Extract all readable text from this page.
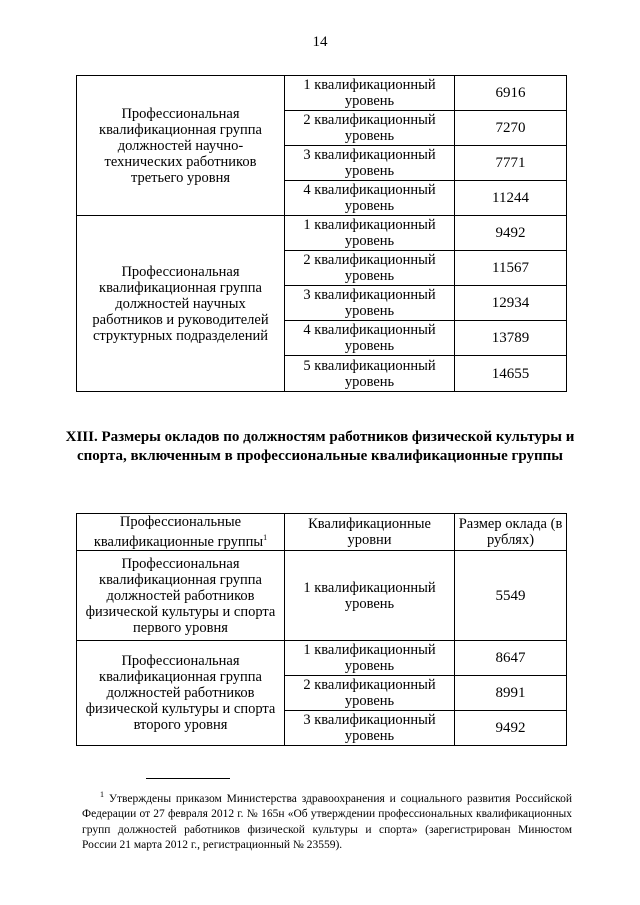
14
Профессиональная квалификационная группа должностей научно-технических работников третьего уровня	1 квалификационный уровень	6916
	2 квалификационный уровень	7270
	3 квалификационный уровень	7771
	4 квалификационный уровень	11244
Профессиональная квалификационная группа должностей научных работников и руководителей структурных подразделений	1 квалификационный уровень	9492
	2 квалификационный уровень	11567
	3 квалификационный уровень	12934
	4 квалификационный уровень	13789
	5 квалификационный уровень	14655
XIII. Размеры окладов по должностям работников физической культуры и спорта, включенным в профессиональные квалификационные группы
Профессиональные квалификационные группы$^1$	Квалификационные уровни	Размер оклада (в рублях)
Профессиональная квалификационная группа должностей работников физической культуры и спорта первого уровня	1 квалификационный уровень	5549
Профессиональная квалификационная группа должностей работников физической культуры и спорта второго уровня	1 квалификационный уровень	8647
	2 квалификационный уровень	8991
	3 квалификационный уровень	9492
$^1$ Утверждены приказом Министерства здравоохранения и социального развития Российской Федерации от 27 февраля 2012 г. № 165н «Об утверждении профессиональных квалификационных групп должностей работников физической культуры и спорта» (зарегистрирован Минюстом России 21 марта 2012 г., регистрационный № 23559).
